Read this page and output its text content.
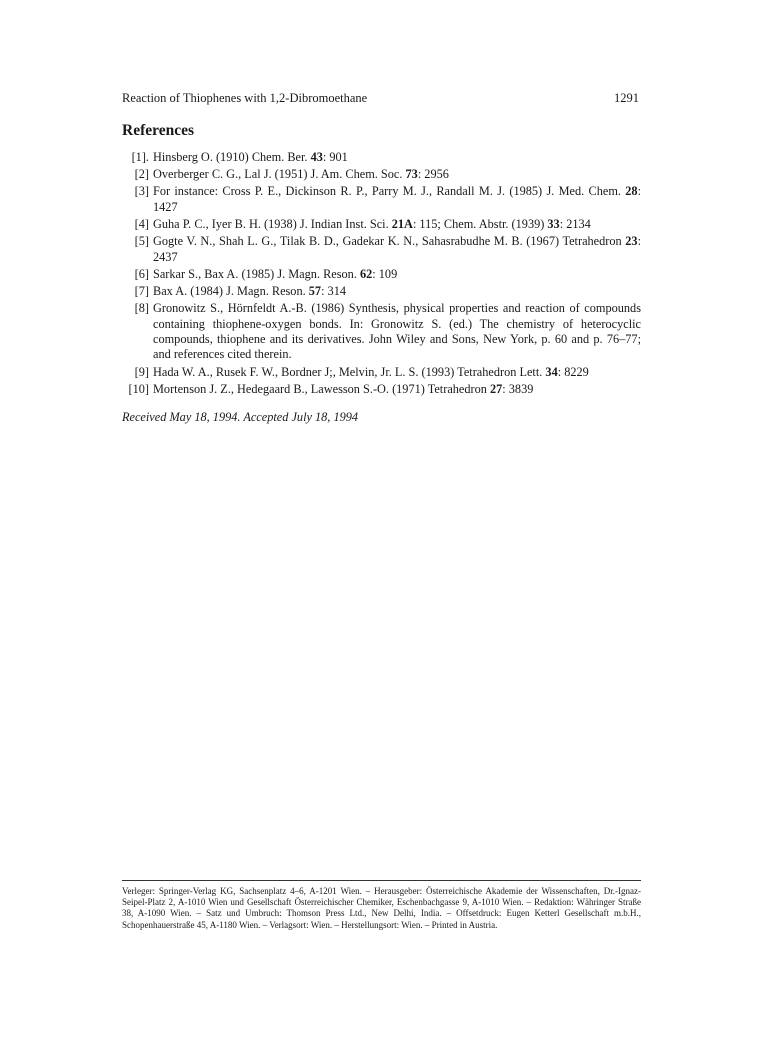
Reaction of Thiophenes with 1,2-Dibromoethane	1291
References
[1]. Hinsberg O. (1910) Chem. Ber. 43: 901
[2] Overberger C. G., Lal J. (1951) J. Am. Chem. Soc. 73: 2956
[3] For instance: Cross P. E., Dickinson R. P., Parry M. J., Randall M. J. (1985) J. Med. Chem. 28: 1427
[4] Guha P. C., Iyer B. H. (1938) J. Indian Inst. Sci. 21A: 115; Chem. Abstr. (1939) 33: 2134
[5] Gogte V. N., Shah L. G., Tilak B. D., Gadekar K. N., Sahasrabudhe M. B. (1967) Tetrahedron 23: 2437
[6] Sarkar S., Bax A. (1985) J. Magn. Reson. 62: 109
[7] Bax A. (1984) J. Magn. Reson. 57: 314
[8] Gronowitz S., Hörnfeldt A.-B. (1986) Synthesis, physical properties and reaction of compounds containing thiophene-oxygen bonds. In: Gronowitz S. (ed.) The chemistry of heterocyclic compounds, thiophene and its derivatives. John Wiley and Sons, New York, p. 60 and p. 76–77; and references cited therein.
[9] Hada W. A., Rusek F. W., Bordner J;, Melvin, Jr. L. S. (1993) Tetrahedron Lett. 34: 8229
[10] Mortenson J. Z., Hedegaard B., Lawesson S.-O. (1971) Tetrahedron 27: 3839
Received May 18, 1994. Accepted July 18, 1994
Verleger: Springer-Verlag KG, Sachsenplatz 4–6, A-1201 Wien. – Herausgeber: Österreichische Akademie der Wissenschaften, Dr.-Ignaz-Seipel-Platz 2, A-1010 Wien und Gesellschaft Österreichischer Chemiker, Eschenbachgasse 9, A-1010 Wien. – Redaktion: Währinger Straße 38, A-1090 Wien. – Satz und Umbruch: Thomson Press Ltd., New Delhi, India. – Offsetdruck: Eugen Ketterl Gesellschaft m.b.H., Schopenhauerstraße 45, A-1180 Wien. – Verlagsort: Wien. – Herstellungsort: Wien. – Printed in Austria.
